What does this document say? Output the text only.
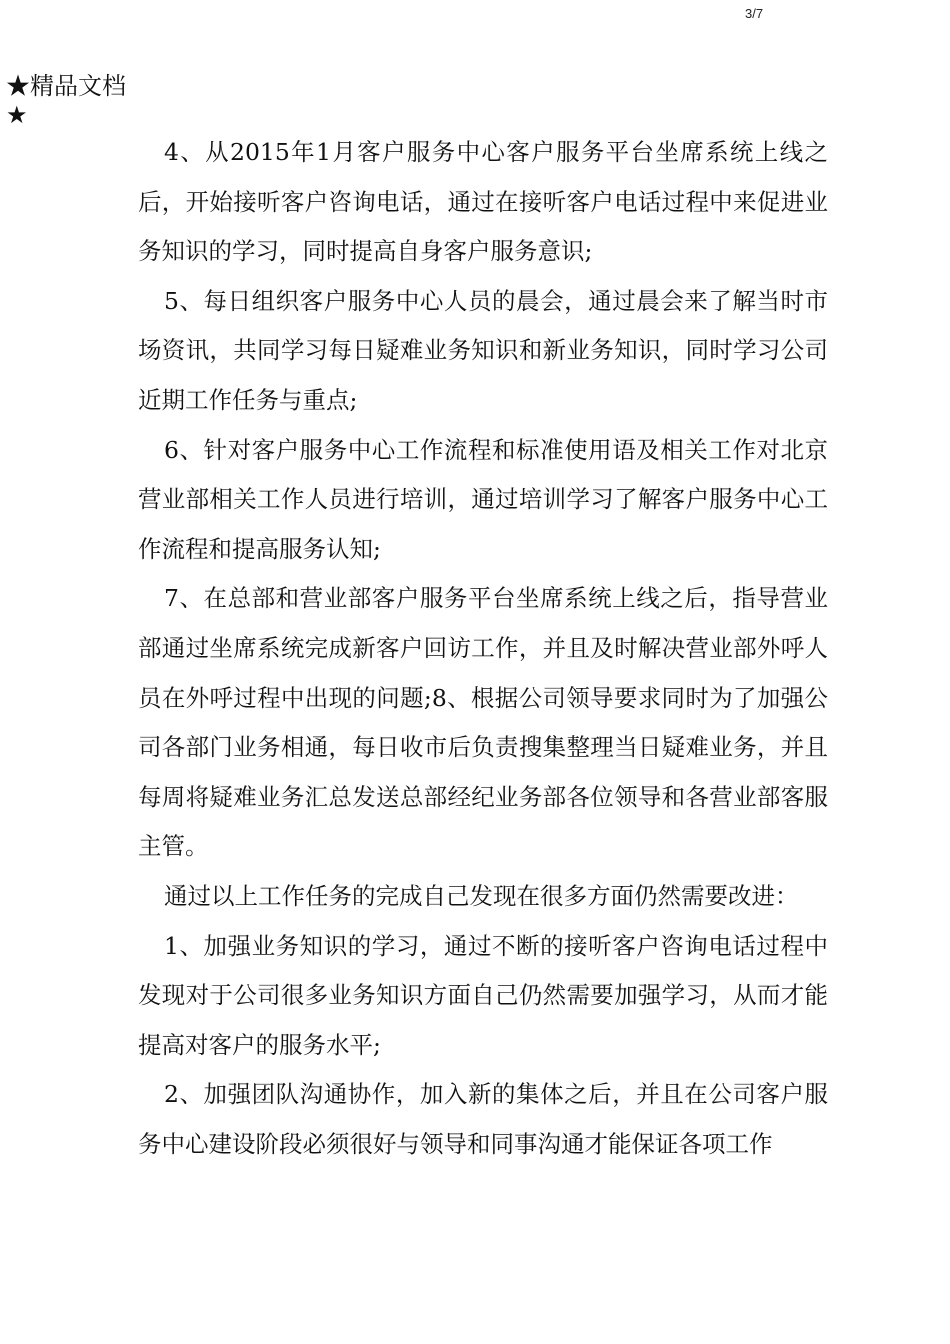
3/7
★精品文档
★

4、从2015年1月客户服务中心客户服务平台坐席系统上线之后，开始接听客户咨询电话，通过在接听客户电话过程中来促进业务知识的学习，同时提高自身客户服务意识;

5、每日组织客户服务中心人员的晨会，通过晨会来了解当时市场资讯，共同学习每日疑难业务知识和新业务知识，同时学习公司近期工作任务与重点;

6、针对客户服务中心工作流程和标准使用语及相关工作对北京营业部相关工作人员进行培训，通过培训学习了解客户服务中心工作流程和提高服务认知;

7、在总部和营业部客户服务平台坐席系统上线之后，指导营业部通过坐席系统完成新客户回访工作，并且及时解决营业部外呼人员在外呼过程中出现的问题;8、根据公司领导要求同时为了加强公司各部门业务相通，每日收市后负责搜集整理当日疑难业务，并且每周将疑难业务汇总发送总部经纪业务部各位领导和各营业部客服主管。

通过以上工作任务的完成自己发现在很多方面仍然需要改进：

1、加强业务知识的学习，通过不断的接听客户咨询电话过程中发现对于公司很多业务知识方面自己仍然需要加强学习，从而才能提高对客户的服务水平;

2、加强团队沟通协作，加入新的集体之后，并且在公司客户服务中心建设阶段必须很好与领导和同事沟通才能保证各项工作
